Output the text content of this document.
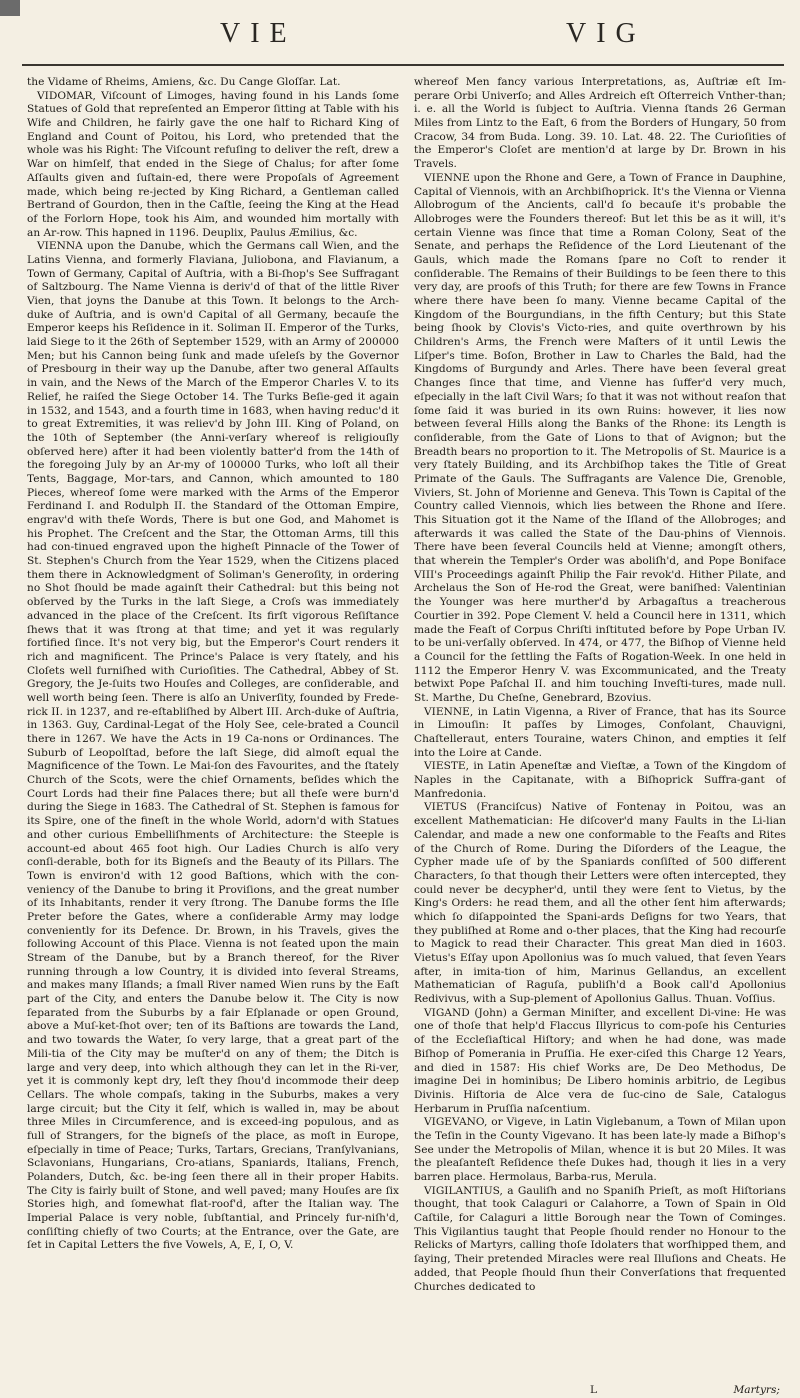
VIE	VIG

the Vidame of Rheims, Amiens, &c. Du Cange Gloſſar. Lat.

VIDOMAR, Viſcount of Limoges, having found in his Lands ſome Statues of Gold that repreſented an Emperor ſitting at Table with his Wife and Children, he fairly gave the one half to Richard King of England and Count of Poitou, his Lord, who pretended that the whole was his Right: The Viſcount refuſing to deliver the reſt, drew a War on himſelf, that ended in the Siege of Chalus; for after ſome Aſſaults given and ſuſtain-ed, there were Propoſals of Agreement made, which being re-jected by King Richard, a Gentleman called Bertrand of Gourdon, then in the Caſtle, ſeeing the King at the Head of the Forlorn Hope, took his Aim, and wounded him mortally with an Ar-row. This hapned in 1196. Deuplix, Paulus Æmilius, &c.

VIENNA upon the Danube, which the Germans call Wien, and the Latins Vienna, and formerly Flaviana, Juliobona, and Flavianum, a Town of Germany, Capital of Auſtria, with a Bi-ſhop's See Suffragant of Saltzbourg. The Name Vienna is deriv'd of that of the little River Vien, that joyns the Danube at this Town. It belongs to the Arch-duke of Auſtria, and is own'd Capital of all Germany, becauſe the Emperor keeps his Reſidence in it. Soliman II. Emperor of the Turks, laid Siege to it the 26th of September 1529, with an Army of 200000 Men; but his Cannon being ſunk and made uſeleſs by the Governor of Presbourg in their way up the Danube, after two general Aſſaults in vain, and the News of the March of the Emperor Charles V. to its Relief, he raiſed the Siege October 14. The Turks Beſie-ged it again in 1532, and 1543, and a fourth time in 1683, when having reduc'd it to great Extremities, it was reliev'd by John III. King of Poland, on the 10th of September (the Anni-verſary whereof is religiouſly obſerved here) after it had been violently batter'd from the 14th of the foregoing July by an Ar-my of 100000 Turks, who loſt all their Tents, Baggage, Mor-tars, and Cannon, which amounted to 180 Pieces, whereof ſome were marked with the Arms of the Emperor Ferdinand I. and Rodulph II. the Standard of the Ottoman Empire, engrav'd with theſe Words, There is but one God, and Mahomet is his Prophet. The Creſcent and the Star, the Ottoman Arms, till this had con-tinued engraved upon the higheſt Pinnacle of the Tower of St. Stephen's Church from the Year 1529, when the Citizens placed them there in Acknowledgment of Soliman's Generoſity, in ordering no Shot ſhould be made againſt their Cathedral: but this being not obſerved by the Turks in the laſt Siege, a Croſs was immediately advanced in the place of the Creſcent. Its firſt vigorous Reſiſtance ſhews that it was ſtrong at that time; and yet it was regularly fortified ſince. It's not very big, but the Emperor's Court renders it rich and magnificent. The Prince's Palace is very ſtately, and his Cloſets well furniſhed with Curioſities. The Cathedral, Abbey of St. Gregory, the Je-ſuits two Houſes and Colleges, are conſiderable, and well worth being ſeen. There is alſo an Univerſity, founded by Frede-rick II. in 1237, and re-eſtabliſhed by Albert III. Arch-duke of Auſtria, in 1363. Guy, Cardinal-Legat of the Holy See, cele-brated a Council there in 1267. We have the Acts in 19 Ca-nons or Ordinances. The Suburb of Leopolſtad, before the laſt Siege, did almoſt equal the Magnificence of the Town. Le Mai-ſon des Favourites, and the ſtately Church of the Scots, were the chief Ornaments, beſides which the Court Lords had their fine Palaces there; but all theſe were burn'd during the Siege in 1683. The Cathedral of St. Stephen is famous for its Spire, one of the fineſt in the whole World, adorn'd with Statues and other curious Embelliſhments of Architecture: the Steeple is account-ed about 465 foot high. Our Ladies Church is alſo very conſi-derable, both for its Bigneſs and the Beauty of its Pillars. The Town is environ'd with 12 good Baſtions, which with the con-veniency of the Danube to bring it Proviſions, and the great number of its Inhabitants, render it very ſtrong. The Danube forms the Iſle Preter before the Gates, where a conſiderable Army may lodge conveniently for its Defence. Dr. Brown, in his Travels, gives the following Account of this Place. Vienna is not ſeated upon the main Stream of the Danube, but by a Branch thereof, for the River running through a low Country, it is divided into ſeveral Streams, and makes many Iſlands; a ſmall River named Wien runs by the Eaſt part of the City, and enters the Danube below it. The City is now ſeparated from the Suburbs by a fair Eſplanade or open Ground, above a Muſ-ket-ſhot over; ten of its Baſtions are towards the Land, and two towards the Water, ſo very large, that a great part of the Mili-tia of the City may be muſter'd on any of them; the Ditch is large and very deep, into which although they can let in the Ri-ver, yet it is commonly kept dry, leſt they ſhou'd incommode their deep Cellars. The whole compaſs, taking in the Suburbs, makes a very large circuit; but the City it ſelf, which is walled in, may be about three Miles in Circumference, and is exceed-ing populous, and as full of Strangers, for the bigneſs of the place, as moſt in Europe, eſpecially in time of Peace; Turks, Tartars, Grecians, Tranſylvanians, Sclavonians, Hungarians, Cro-atians, Spaniards, Italians, French, Polanders, Dutch, &c. be-ing ſeen there all in their proper Habits. The City is fairly built of Stone, and well paved; many Houſes are ſix Stories high, and ſomewhat flat-roof'd, after the Italian way. The Imperial Palace is very noble, ſubſtantial, and Princely fur-niſh'd, conſiſting chiefly of two Courts; at the Entrance, over the Gate, are ſet in Capital Letters the five Vowels, A, E, I, O, V.

whereof Men fancy various Interpretations, as, Auſtriæ eſt Im-perare Orbi Univerſo; and Alles Ardreich eſt Oſterreich Vnther-than; i. e. all the World is ſubject to Auſtria. Vienna ſtands 26 German Miles from Lintz to the Eaſt, 6 from the Borders of Hungary, 50 from Cracow, 34 from Buda. Long. 39. 10. Lat. 48. 22. The Curioſities of the Emperor's Cloſet are mention'd at large by Dr. Brown in his Travels.

VIENNE upon the Rhone and Gere, a Town of France in Dauphine, Capital of Viennois, with an Archbiſhoprick. It's the Vienna or Vienna Allobrogum of the Ancients, call'd ſo becauſe it's probable the Allobroges were the Founders thereof: But let this be as it will, it's certain Vienne was ſince that time a Roman Colony, Seat of the Senate, and perhaps the Reſidence of the Lord Lieutenant of the Gauls, which made the Romans ſpare no Coſt to render it conſiderable. The Remains of their Buildings to be ſeen there to this very day, are proofs of this Truth; for there are few Towns in France where there have been ſo many. Vienne became Capital of the Kingdom of the Bourgundians, in the fifth Century; but this State being ſhook by Clovis's Victo-ries, and quite overthrown by his Children's Arms, the French were Maſters of it until Lewis the Liſper's time. Boſon, Brother in Law to Charles the Bald, had the Kingdoms of Burgundy and Arles. There have been ſeveral great Changes ſince that time, and Vienne has ſuffer'd very much, eſpecially in the laſt Civil Wars; ſo that it was not without reaſon that ſome ſaid it was buried in its own Ruins: however, it lies now between ſeveral Hills along the Banks of the Rhone: its Length is conſiderable, from the Gate of Lions to that of Avignon; but the Breadth bears no proportion to it. The Metropolis of St. Maurice is a very ſtately Building, and its Archbiſhop takes the Title of Great Primate of the Gauls. The Suffragants are Valence Die, Grenoble, Viviers, St. John of Morienne and Geneva. This Town is Capital of the Country called Viennois, which lies between the Rhone and Iſere. This Situation got it the Name of the Iſland of the Allobroges; and afterwards it was called the State of the Dau-phins of Viennois. There have been ſeveral Councils held at Vienne; amongſt others, that wherein the Templer's Order was aboliſh'd, and Pope Boniface VIII's Proceedings againſt Philip the Fair revok'd. Hither Pilate, and Archelaus the Son of He-rod the Great, were baniſhed: Valentinian the Younger was here murther'd by Arbagaſtus a treacherous Courtier in 392. Pope Clement V. held a Council here in 1311, which made the Feaſt of Corpus Chriſti inſtituted before by Pope Urban IV. to be uni-verſally obſerved. In 474, or 477, the Biſhop of Vienne held a Council for the ſettling the Faſts of Rogation-Week. In one held in 1112 the Emperor Henry V. was Excommunicated, and the Treaty betwixt Pope Paſchal II. and him touching Inveſti-tures, made null. St. Marthe, Du Cheſne, Genebrard, Bzovius.

VIENNE, in Latin Vigenna, a River of France, that has its Source in Limouſin: It paſſes by Limoges, Confolant, Chauvigni, Chaſtelleraut, enters Touraine, waters Chinon, and empties it ſelf into the Loire at Cande.

VIESTE, in Latin Apeneſtæ and Vieſtæ, a Town of the Kingdom of Naples in the Capitanate, with a Biſhoprick Suffra-gant of Manfredonia.

VIETUS (Franciſcus) Native of Fontenay in Poitou, was an excellent Mathematician: He diſcover'd many Faults in the Li-lian Calendar, and made a new one conformable to the Feaſts and Rites of the Church of Rome. During the Diſorders of the League, the Cypher made uſe of by the Spaniards conſiſted of 500 different Characters, ſo that though their Letters were often intercepted, they could never be decypher'd, until they were ſent to Vietus, by the King's Orders: he read them, and all the other ſent him afterwards; which ſo diſappointed the Spani-ards Deſigns for two Years, that they publiſhed at Rome and o-ther places, that the King had recourſe to Magick to read their Character. This great Man died in 1603. Vietus's Eſſay upon Apollonius was ſo much valued, that ſeven Years after, in imita-tion of him, Marinus Gellandus, an excellent Mathematician of Raguſa, publiſh'd a Book call'd Apollonius Redivivus, with a Sup-plement of Apollonius Gallus. Thuan. Voſſius.

VIGAND (John) a German Miniſter, and excellent Di-vine: He was one of thoſe that help'd Flaccus Illyricus to com-poſe his Centuries of the Eccleſiaſtical Hiſtory; and when he had done, was made Biſhop of Pomerania in Pruſſia. He exer-ciſed this Charge 12 Years, and died in 1587: His chief Works are, De Deo Methodus, De imagine Dei in hominibus; De Libero hominis arbitrio, de Legibus Divinis. Hiſtoria de Alce vera de ſuc-cino de Sale, Catalogus Herbarum in Pruſſia naſcentium.

VIGEVANO, or Vigeve, in Latin Viglebanum, a Town of Milan upon the Teſin in the County Vigevano. It has been late-ly made a Biſhop's See under the Metropolis of Milan, whence it is but 20 Miles. It was the pleaſanteſt Reſidence theſe Dukes had, though it lies in a very barren place. Hermolaus, Barba-rus, Merula.

VIGILANTIUS, a Gauliſh and no Spaniſh Prieſt, as moſt Hiſtorians thought, that took Calaguri or Calahorre, a Town of Spain in Old Caſtile, for Calaguri a little Borough near the Town of Cominges. This Vigilantius taught that People ſhould render no Honour to the Relicks of Martyrs, calling thoſe Idolaters that worſhipped them, and ſaying, Their pretended Miracles were real Illuſions and Cheats. He added, that People ſhould ſhun their Converſations that frequented Churches dedicated to

L	Martyrs;
